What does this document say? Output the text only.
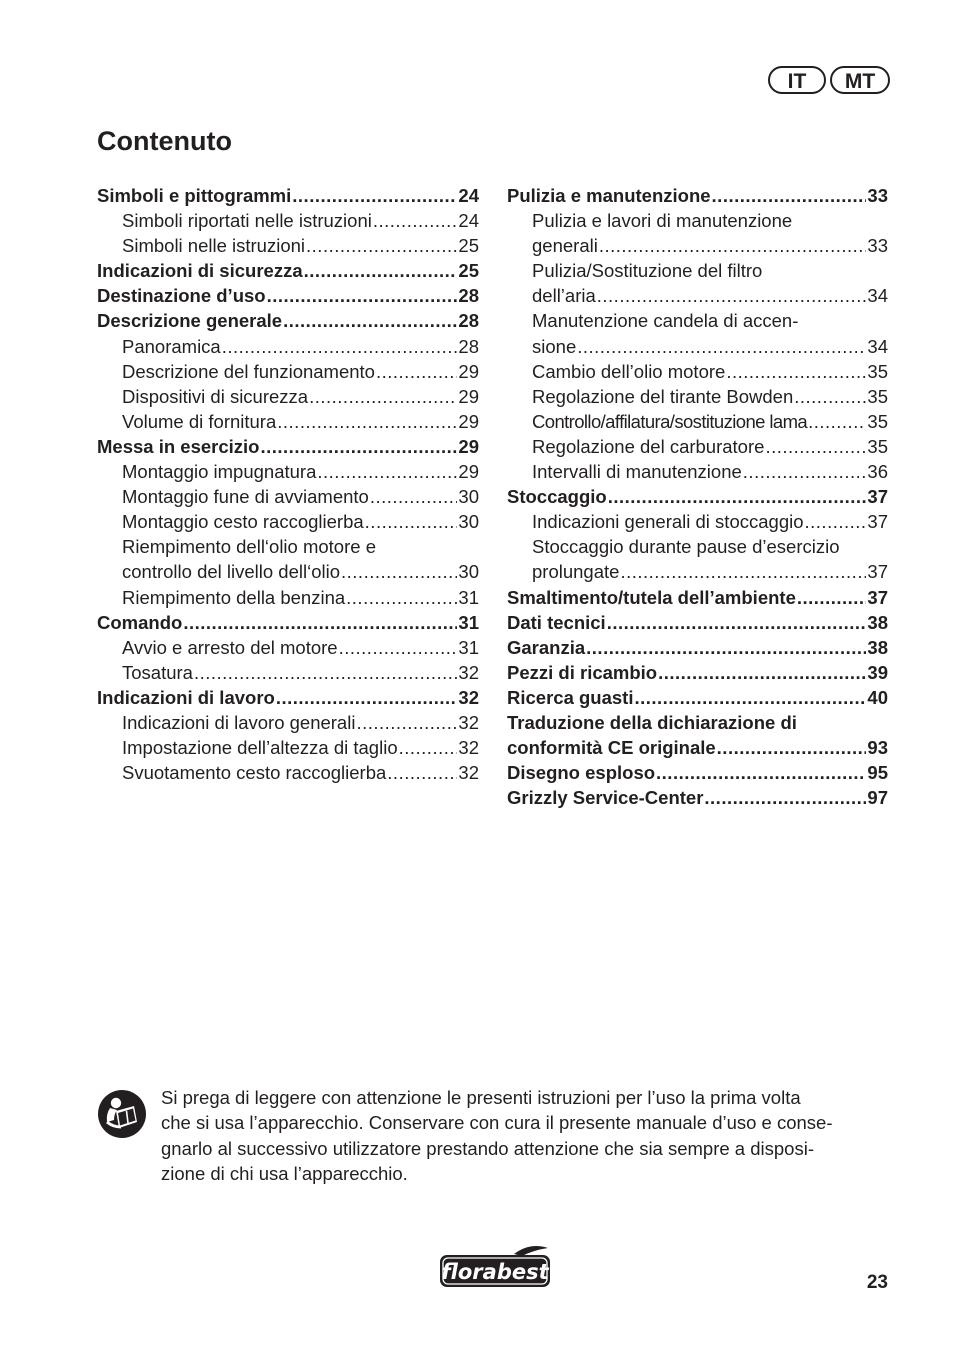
IT	MT
Contenuto
Simboli e pittogrammi .....	24
Simboli riportati nelle istruzioni .....	24
Simboli nelle istruzioni .....	25
Indicazioni di sicurezza .....	25
Destinazione d’uso .....	28
Descrizione generale .....	28
Panoramica .....	28
Descrizione del funzionamento .....	29
Dispositivi di sicurezza .....	29
Volume di fornitura .....	29
Messa in esercizio .....	29
Montaggio impugnatura .....	29
Montaggio fune di avviamento .....	30
Montaggio cesto raccoglierba .....	30
Riempimento dell‘olio motore e
controllo del livello dell‘olio .....	30
Riempimento della benzina .....	31
Comando .....	31
Avvio e arresto del motore .....	31
Tosatura .....	32
Indicazioni di lavoro .....	32
Indicazioni di lavoro generali .....	32
Impostazione dell’altezza di taglio .....	32
Svuotamento cesto raccoglierba .....	32
Pulizia e manutenzione .....	33
Pulizia e lavori di manutenzione
generali .....	33
Pulizia/Sostituzione del filtro
dell’aria .....	34
Manutenzione candela di accen-
sione .....	34
Cambio dell’olio motore .....	35
Regolazione del tirante Bowden .....	35
Controllo/affilatura/sostituzione lama .....	35
Regolazione del carburatore .....	35
Intervalli di manutenzione .....	36
Stoccaggio .....	37
Indicazioni generali di stoccaggio .....	37
Stoccaggio durante pause d’esercizio
prolungate .....	37
Smaltimento/tutela dell’ambiente .....	37
Dati tecnici .....	38
Garanzia .....	38
Pezzi di ricambio .....	39
Ricerca guasti .....	40
Traduzione della dichiarazione di
conformità CE originale .....	93
Disegno esploso .....	95
Grizzly Service-Center .....	97
Si prega di leggere con attenzione le presenti istruzioni per l’uso la prima volta
che si usa l’apparecchio. Conservare con cura il presente manuale d’uso e conse-
gnarlo al successivo utilizzatore prestando attenzione che sia sempre a disposi-
zione di chi usa l’apparecchio.
florabest	23
